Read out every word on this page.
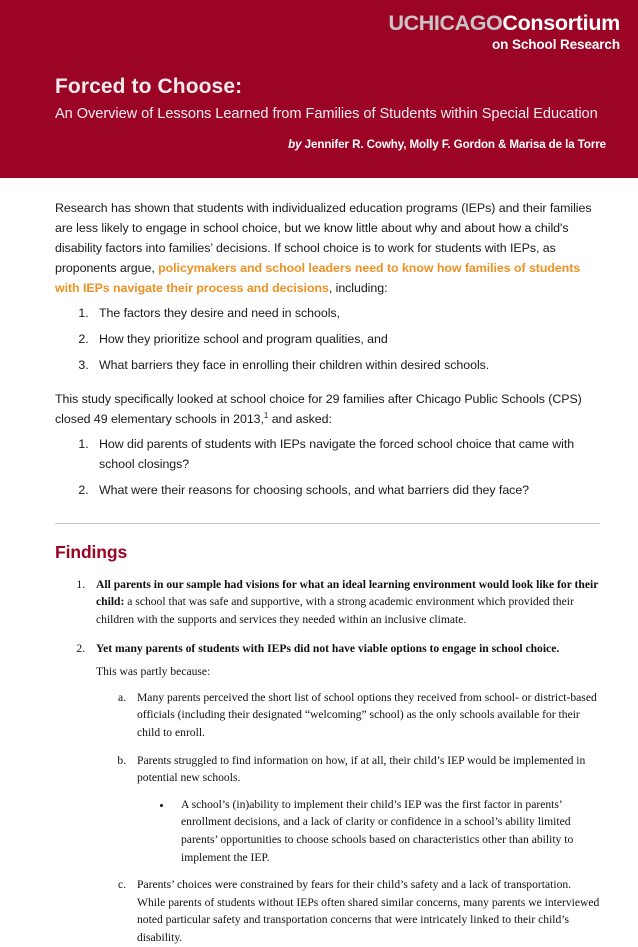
UCHICAGOConsortium
on School Research
Forced to Choose:
An Overview of Lessons Learned from Families of Students within Special Education
by Jennifer R. Cowhy, Molly F. Gordon & Marisa de la Torre

Research has shown that students with individualized education programs (IEPs) and their families are less likely to engage in school choice, but we know little about why and about how a child's disability factors into families’ decisions. If school choice is to work for students with IEPs, as proponents argue, policymakers and school leaders need to know how families of students with IEPs navigate their process and decisions, including:

1. The factors they desire and need in schools,
2. How they prioritize school and program qualities, and
3. What barriers they face in enrolling their children within desired schools.

This study specifically looked at school choice for 29 families after Chicago Public Schools (CPS) closed 49 elementary schools in 2013,$^1$ and asked:

1. How did parents of students with IEPs navigate the forced school choice that came with school closings?
2. What were their reasons for choosing schools, and what barriers did they face?
Findings
1. All parents in our sample had visions for what an ideal learning environment would look like for their child: a school that was safe and supportive, with a strong academic environment which provided their children with the supports and services they needed within an inclusive climate.
2. Yet many parents of students with IEPs did not have viable options to engage in school choice.
This was partly because:
a. Many parents perceived the short list of school options they received from school- or district-based officials (including their designated “welcoming” school) as the only schools available for their child to enroll.
b. Parents struggled to find information on how, if at all, their child’s IEP would be implemented in potential new schools.
• A school’s (in)ability to implement their child’s IEP was the first factor in parents’ enrollment decisions, and a lack of clarity or confidence in a school’s ability limited parents’ opportunities to choose schools based on characteristics other than ability to implement the IEP.
c. Parents’ choices were constrained by fears for their child’s safety and a lack of transportation. While parents of students without IEPs often shared similar concerns, many parents we interviewed noted particular safety and transportation concerns that were intricately linked to their child’s disability.
